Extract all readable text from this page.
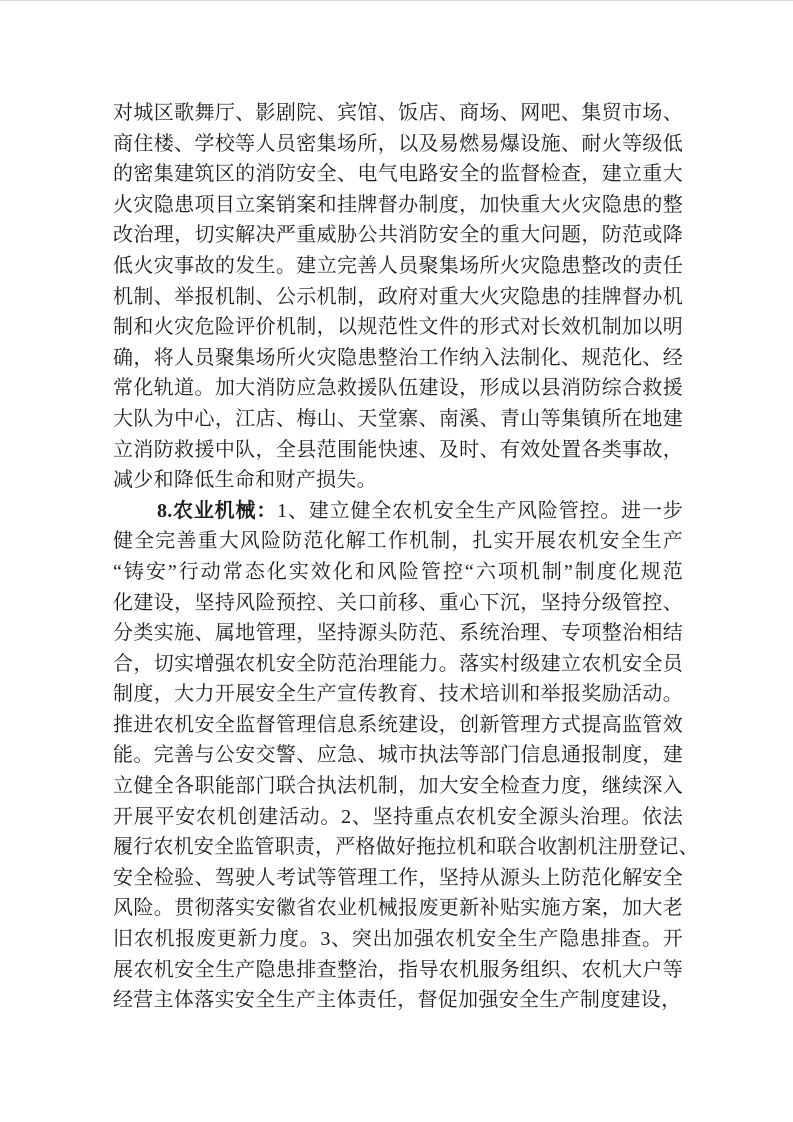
对城区歌舞厅、影剧院、宾馆、饭店、商场、网吧、集贸市场、
商住楼、学校等人员密集场所，以及易燃易爆设施、耐火等级低
的密集建筑区的消防安全、电气电路安全的监督检查，建立重大
火灾隐患项目立案销案和挂牌督办制度，加快重大火灾隐患的整
改治理，切实解决严重威胁公共消防安全的重大问题，防范或降
低火灾事故的发生。建立完善人员聚集场所火灾隐患整改的责任
机制、举报机制、公示机制，政府对重大火灾隐患的挂牌督办机
制和火灾危险评价机制，以规范性文件的形式对长效机制加以明
确，将人员聚集场所火灾隐患整治工作纳入法制化、规范化、经
常化轨道。加大消防应急救援队伍建设，形成以县消防综合救援
大队为中心，江店、梅山、天堂寨、南溪、青山等集镇所在地建
立消防救援中队，全县范围能快速、及时、有效处置各类事故，
减少和降低生命和财产损失。
8.农业机械：1、建立健全农机安全生产风险管控。进一步
健全完善重大风险防范化解工作机制，扎实开展农机安全生产
“铸安”行动常态化实效化和风险管控“六项机制”制度化规范
化建设，坚持风险预控、关口前移、重心下沉，坚持分级管控、
分类实施、属地管理，坚持源头防范、系统治理、专项整治相结
合，切实增强农机安全防范治理能力。落实村级建立农机安全员
制度，大力开展安全生产宣传教育、技术培训和举报奖励活动。
推进农机安全监督管理信息系统建设，创新管理方式提高监管效
能。完善与公安交警、应急、城市执法等部门信息通报制度，建
立健全各职能部门联合执法机制，加大安全检查力度，继续深入
开展平安农机创建活动。2、坚持重点农机安全源头治理。依法
履行农机安全监管职责，严格做好拖拉机和联合收割机注册登记、
安全检验、驾驶人考试等管理工作，坚持从源头上防范化解安全
风险。贯彻落实安徽省农业机械报废更新补贴实施方案，加大老
旧农机报废更新力度。3、突出加强农机安全生产隐患排查。开
展农机安全生产隐患排查整治，指导农机服务组织、农机大户等
经营主体落实安全生产主体责任，督促加强安全生产制度建设，
